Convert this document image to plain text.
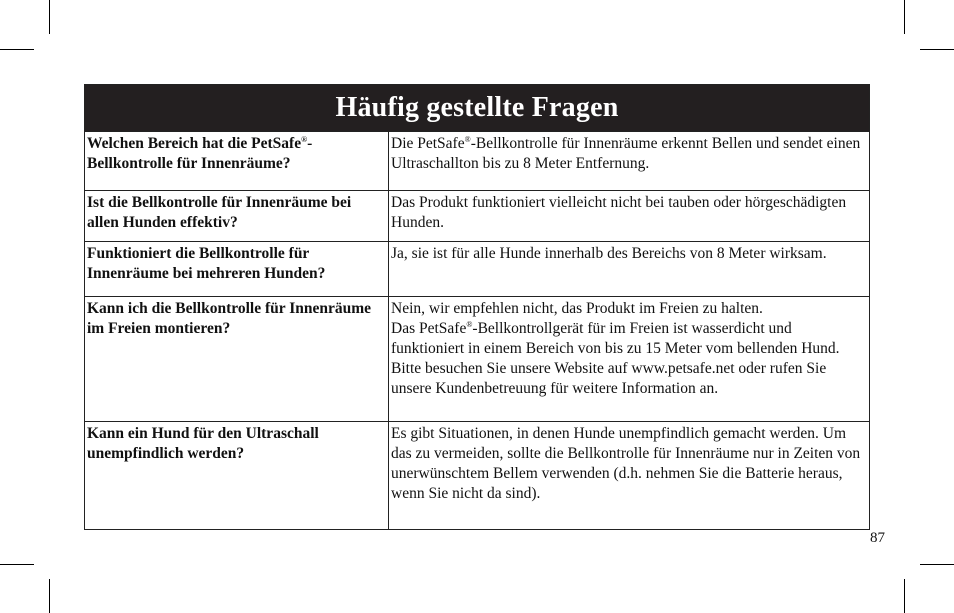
Häufig gestellte Fragen
Welchen Bereich hat die PetSafe®-Bellkontrolle für Innenräume?
Die PetSafe®-Bellkontrolle für Innenräume erkennt Bellen und sendet einen Ultraschallton bis zu 8 Meter Entfernung.
Ist die Bellkontrolle für Innenräume bei allen Hunden effektiv?
Das Produkt funktioniert vielleicht nicht bei tauben oder hörgeschädigten Hunden.
Funktioniert die Bellkontrolle für Innenräume bei mehreren Hunden?
Ja, sie ist für alle Hunde innerhalb des Bereichs von 8 Meter wirksam.
Kann ich die Bellkontrolle für Innenräume im Freien montieren?

Nein, wir empfehlen nicht, das Produkt im Freien zu halten.

Das PetSafe®-Bellkontrollgerät für im Freien ist wasserdicht und funktioniert in einem Bereich von bis zu 15 Meter vom bellenden Hund. Bitte besuchen Sie unsere Website auf www.petsafe.net oder rufen Sie unsere Kundenbetreuung für weitere Information an.

Kann ein Hund für den Ultraschall unempfindlich werden?
Es gibt Situationen, in denen Hunde unempfindlich gemacht werden. Um das zu vermeiden, sollte die Bellkontrolle für Innenräume nur in Zeiten von unerwünschtem Bellem verwenden (d.h. nehmen Sie die Batterie heraus, wenn Sie nicht da sind).
87
